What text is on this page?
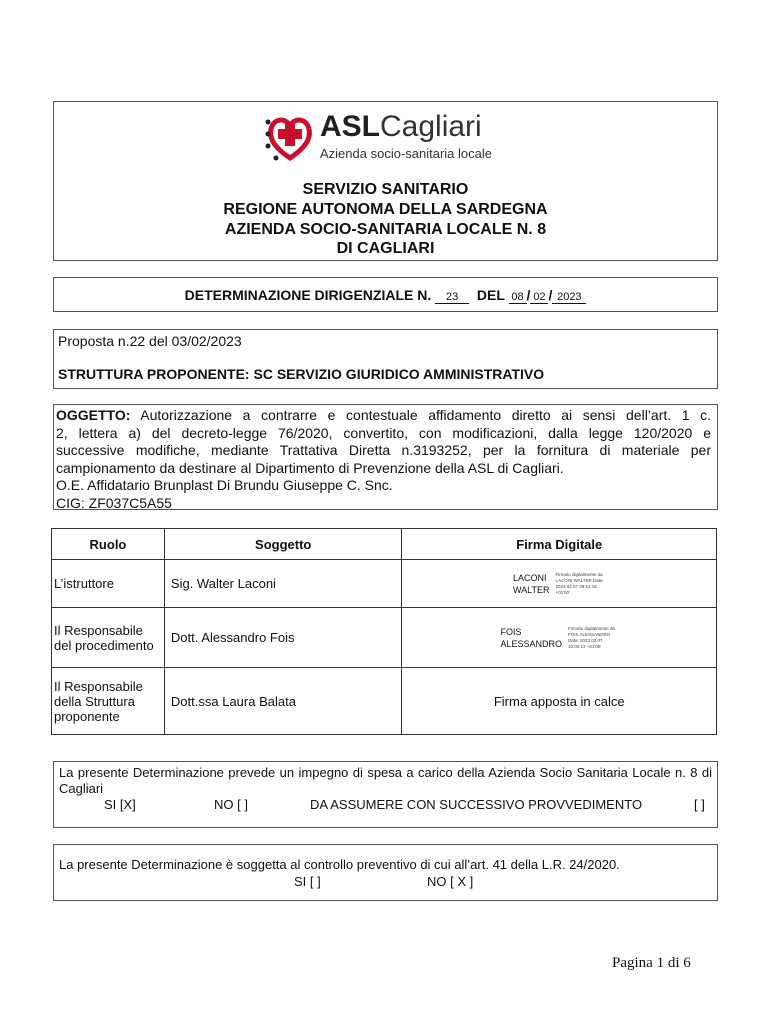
ASLCagliari
Azienda socio-sanitaria locale
SERVIZIO SANITARIO
REGIONE AUTONOMA DELLA SARDEGNA
AZIENDA SOCIO-SANITARIA LOCALE N. 8
DI CAGLIARI
DETERMINAZIONE DIRIGENZIALE N. 23 DEL 08 / 02 / 2023
Proposta n.22 del 03/02/2023
STRUTTURA PROPONENTE: SC SERVIZIO GIURIDICO AMMINISTRATIVO
OGGETTO: Autorizzazione a contrarre e contestuale affidamento diretto ai sensi dell’art. 1 c.
2, lettera a) del decreto-legge 76/2020, convertito, con modificazioni, dalla legge 120/2020 e
successive modifiche, mediante Trattativa Diretta n.3193252, per la fornitura di materiale per
campionamento da destinare al Dipartimento di Prevenzione della ASL di Cagliari.
O.E. Affidatario Brunplast Di Brundu Giuseppe C. Snc.
CIG: ZF037C5A55
Ruolo	Soggetto	Firma Digitale
L’istruttore	Sig. Walter Laconi	LACONI
WALTER
Firmato digitalmente da LACONI WALTER Data: 2023.02.07 09:51:16 +01'00'

Il Responsabile del procedimento	Dott. Alessandro Fois	FOIS
ALESSANDRO
Firmato digitalmente da FOIS ALESSANDRO Data: 2023.02.07 10:00:13 +01'00'

Il Responsabile della Struttura proponente	Dott.ssa Laura Balata	Firma apposta in calce
La presente Determinazione prevede un impegno di spesa a carico della Azienda Socio Sanitaria Locale n. 8 di Cagliari
SI [X]	NO [ ]	DA ASSUMERE CON SUCCESSIVO PROVVEDIMENTO	[ ]
La presente Determinazione è soggetta al controllo preventivo di cui all’art. 41 della L.R. 24/2020.
SI [ ]	NO [ X ]
Pagina 1 di 6
